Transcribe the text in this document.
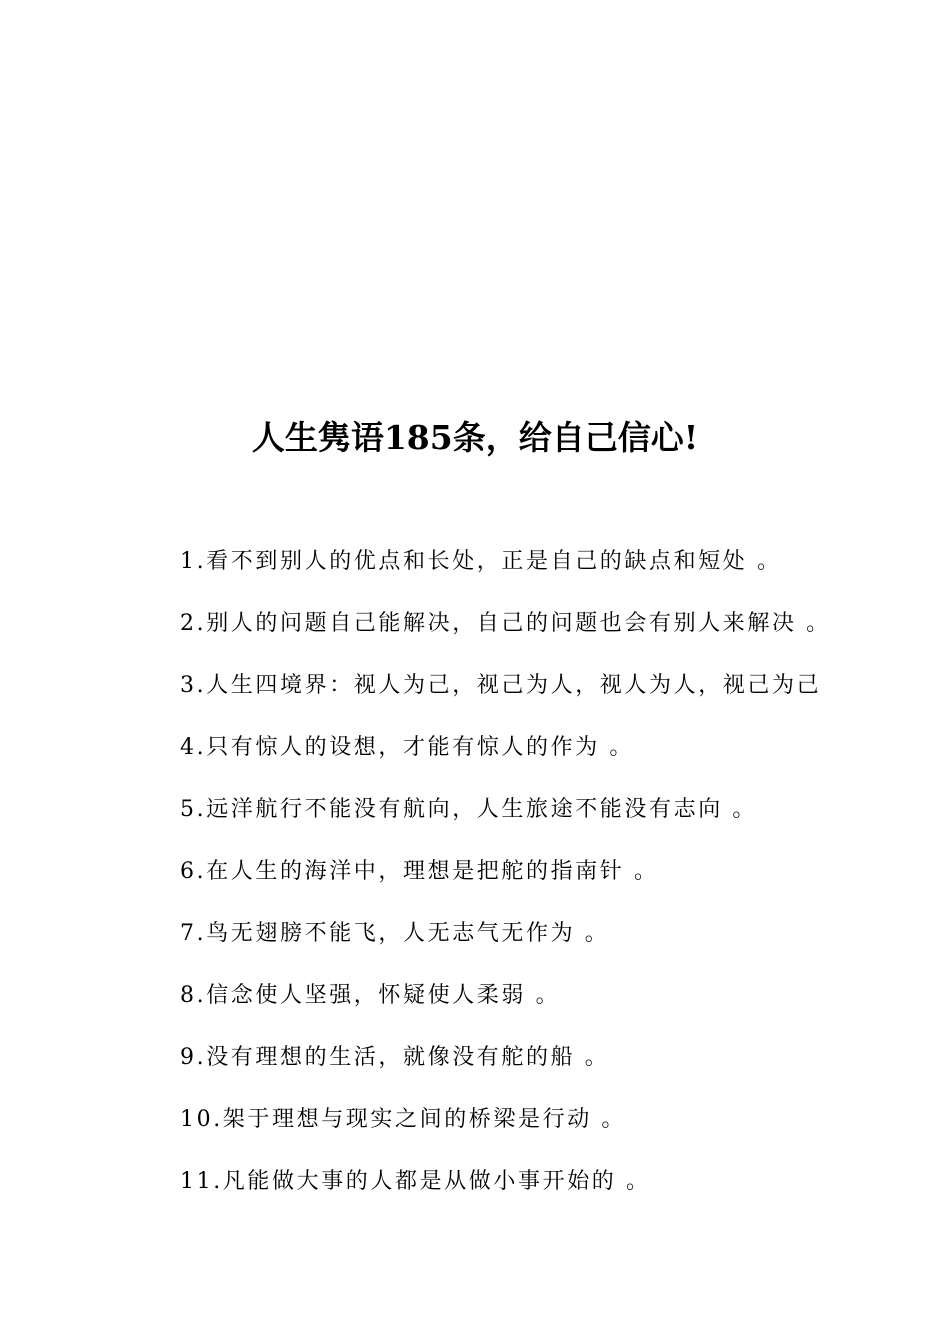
人生隽语185条，给自己信心!
1.看不到别人的优点和长处，正是自己的缺点和短处 。
2.别人的问题自己能解决，自己的问题也会有别人来解决 。
3.人生四境界：视人为己，视己为人，视人为人，视己为己
4.只有惊人的设想，才能有惊人的作为 。
5.远洋航行不能没有航向，人生旅途不能没有志向 。
6.在人生的海洋中，理想是把舵的指南针 。
7.鸟无翅膀不能飞，人无志气无作为 。
8.信念使人坚强，怀疑使人柔弱 。
9.没有理想的生活，就像没有舵的船 。
10.架于理想与现实之间的桥梁是行动 。
11.凡能做大事的人都是从做小事开始的 。
